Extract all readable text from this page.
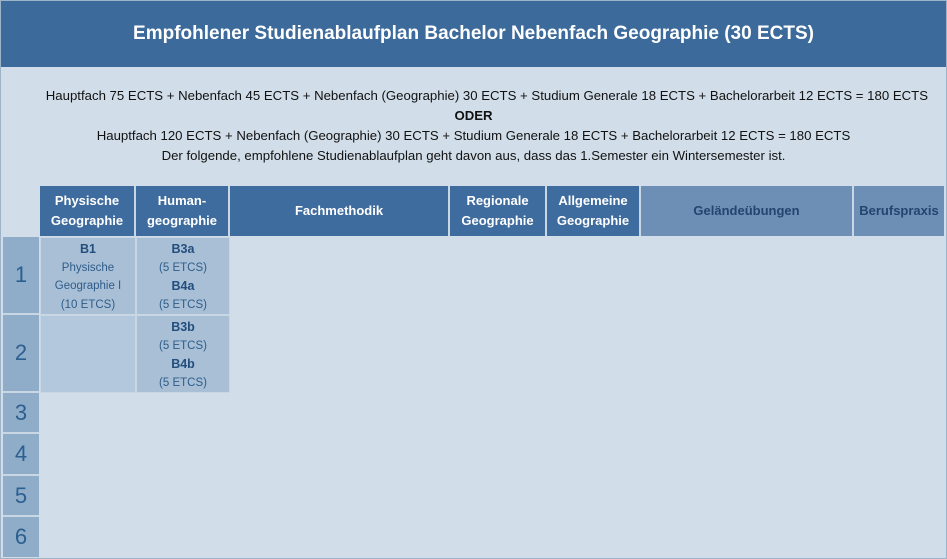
Empfohlener Studienablaufplan Bachelor Nebenfach Geographie (30 ECTS)
Hauptfach 75 ECTS + Nebenfach 45 ECTS + Nebenfach (Geographie) 30 ECTS + Studium Generale 18 ECTS + Bachelorarbeit 12 ECTS = 180 ECTS
ODER
Hauptfach 120 ECTS + Nebenfach (Geographie) 30 ECTS + Studium Generale 18 ECTS + Bachelorarbeit 12 ECTS = 180 ECTS
Der folgende, empfohlene Studienablaufplan geht davon aus, dass das 1.Semester ein Wintersemester ist.
Physische
Geographie
Human-
geographie
Fachmethodik
Regionale
Geographie
Allgemeine
Geographie
Geländeübungen	Berufspraxis
1
2
3
4
5
6
B1
Physische
Geographie I
(10 ETCS)
B3a
(5 ETCS)
B4a
(5 ETCS)
B3b
(5 ETCS)
B4b
(5 ETCS)
